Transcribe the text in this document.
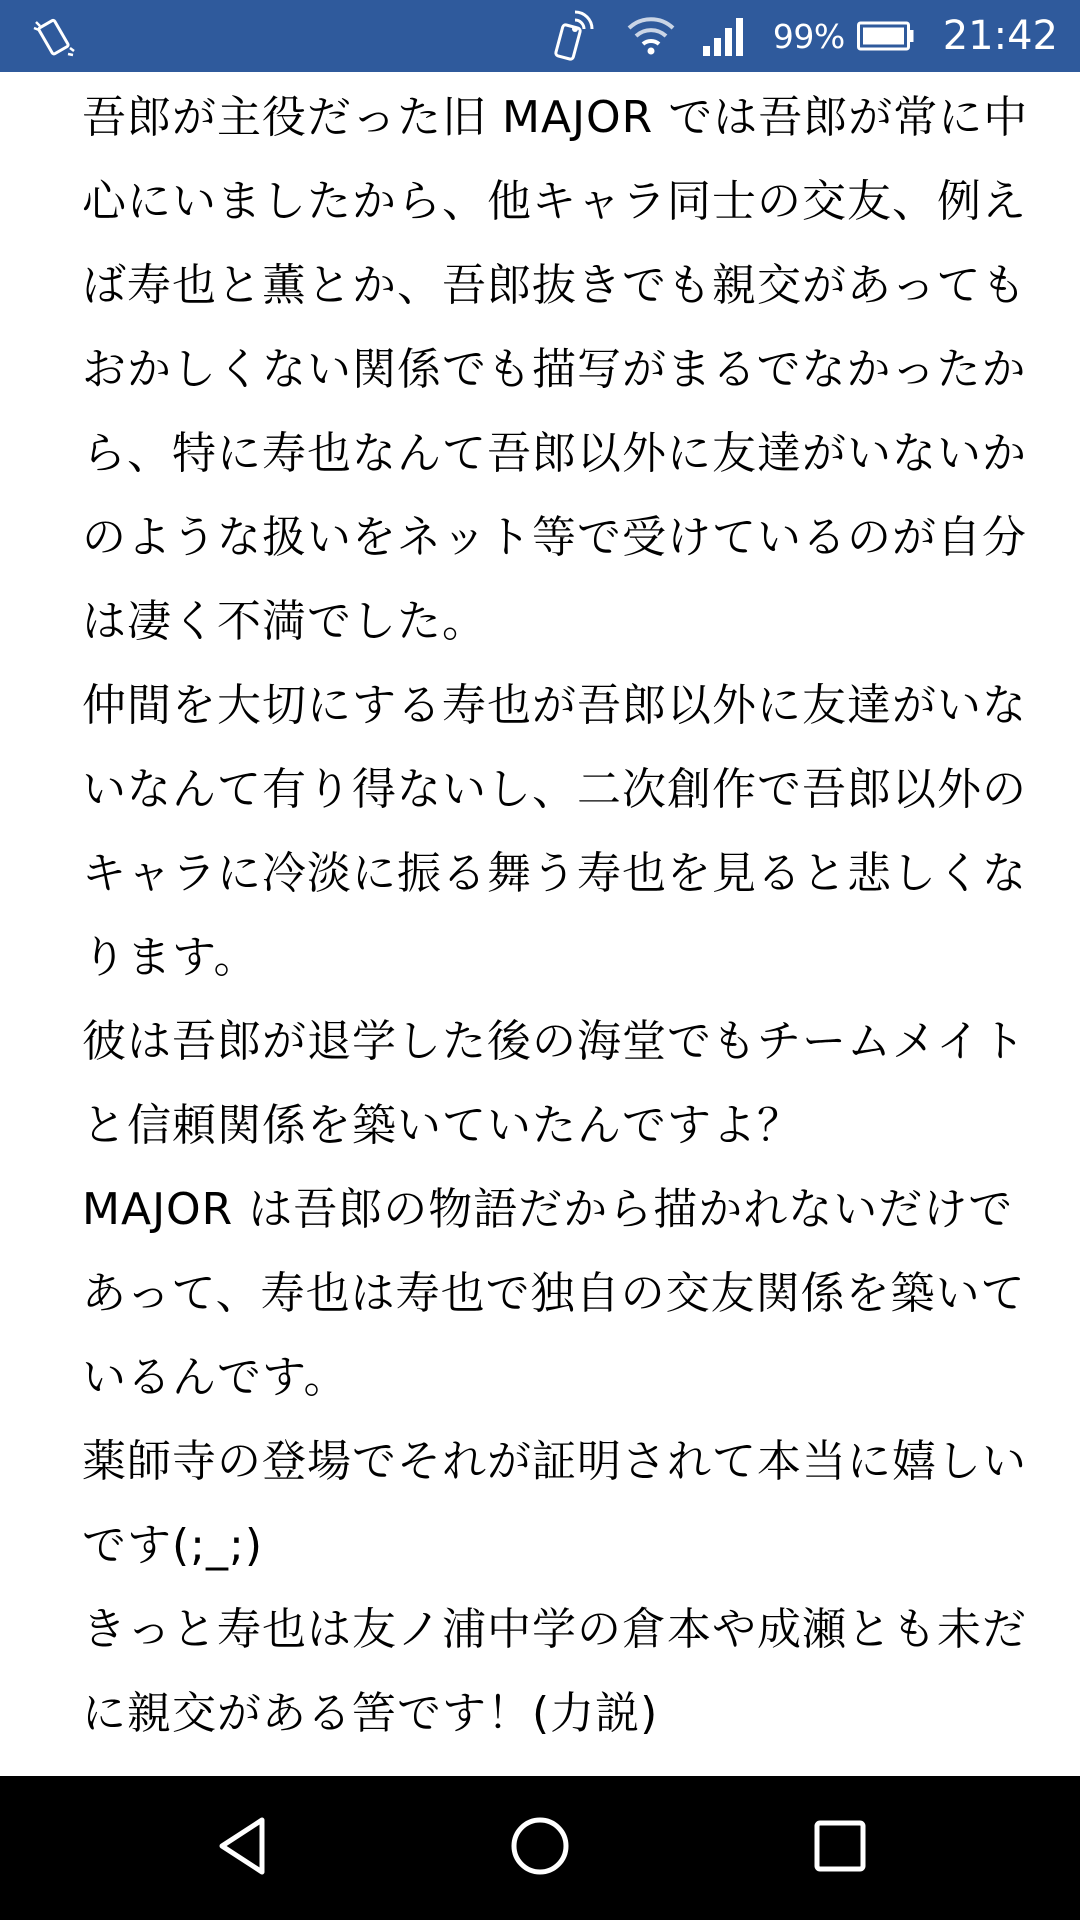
99% 21:42

吾郎が主役だった旧 MAJOR では吾郎が常に中心にいましたから、他キャラ同士の交友、例えば寿也と薫とか、吾郎抜きでも親交があってもおかしくない関係でも描写がまるでなかったから、特に寿也なんて吾郎以外に友達がいないかのような扱いをネット等で受けているのが自分は凄く不満でした。

仲間を大切にする寿也が吾郎以外に友達がいないなんて有り得ないし、二次創作で吾郎以外のキャラに冷淡に振る舞う寿也を見ると悲しくなります。

彼は吾郎が退学した後の海堂でもチームメイトと信頼関係を築いていたんですよ？

MAJOR は吾郎の物語だから描かれないだけであって、寿也は寿也で独自の交友関係を築いているんです。

薬師寺の登場でそれが証明されて本当に嬉しいです(;_;)

きっと寿也は友ノ浦中学の倉本や成瀬とも未だに親交がある筈です！(力説)
